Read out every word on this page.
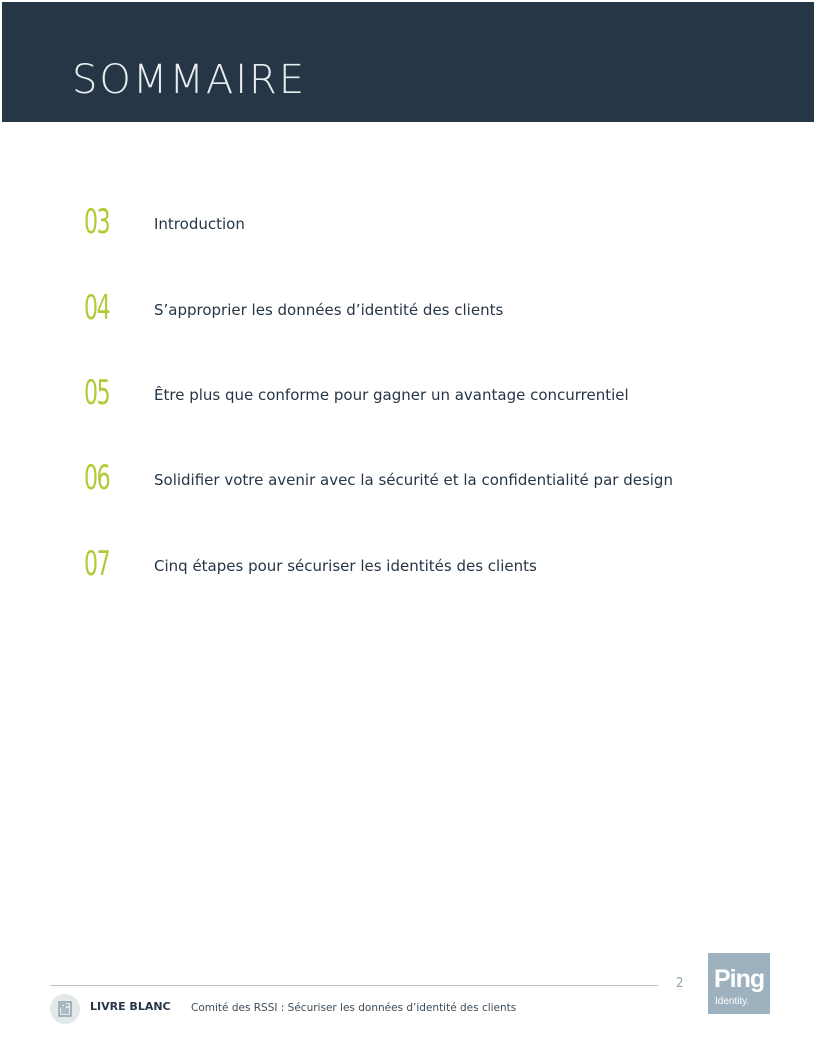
SOMMAIRE
03	Introduction
04	S’approprier les données d’identité des clients
05	Être plus que conforme pour gagner un avantage concurrentiel
06	Solidifier votre avenir avec la sécurité et la confidentialité par design
07	Cinq étapes pour sécuriser les identités des clients
2 Ping
Identity.
LIVRE BLANC Comité des RSSI : Sécuriser les données d’identité des clients
